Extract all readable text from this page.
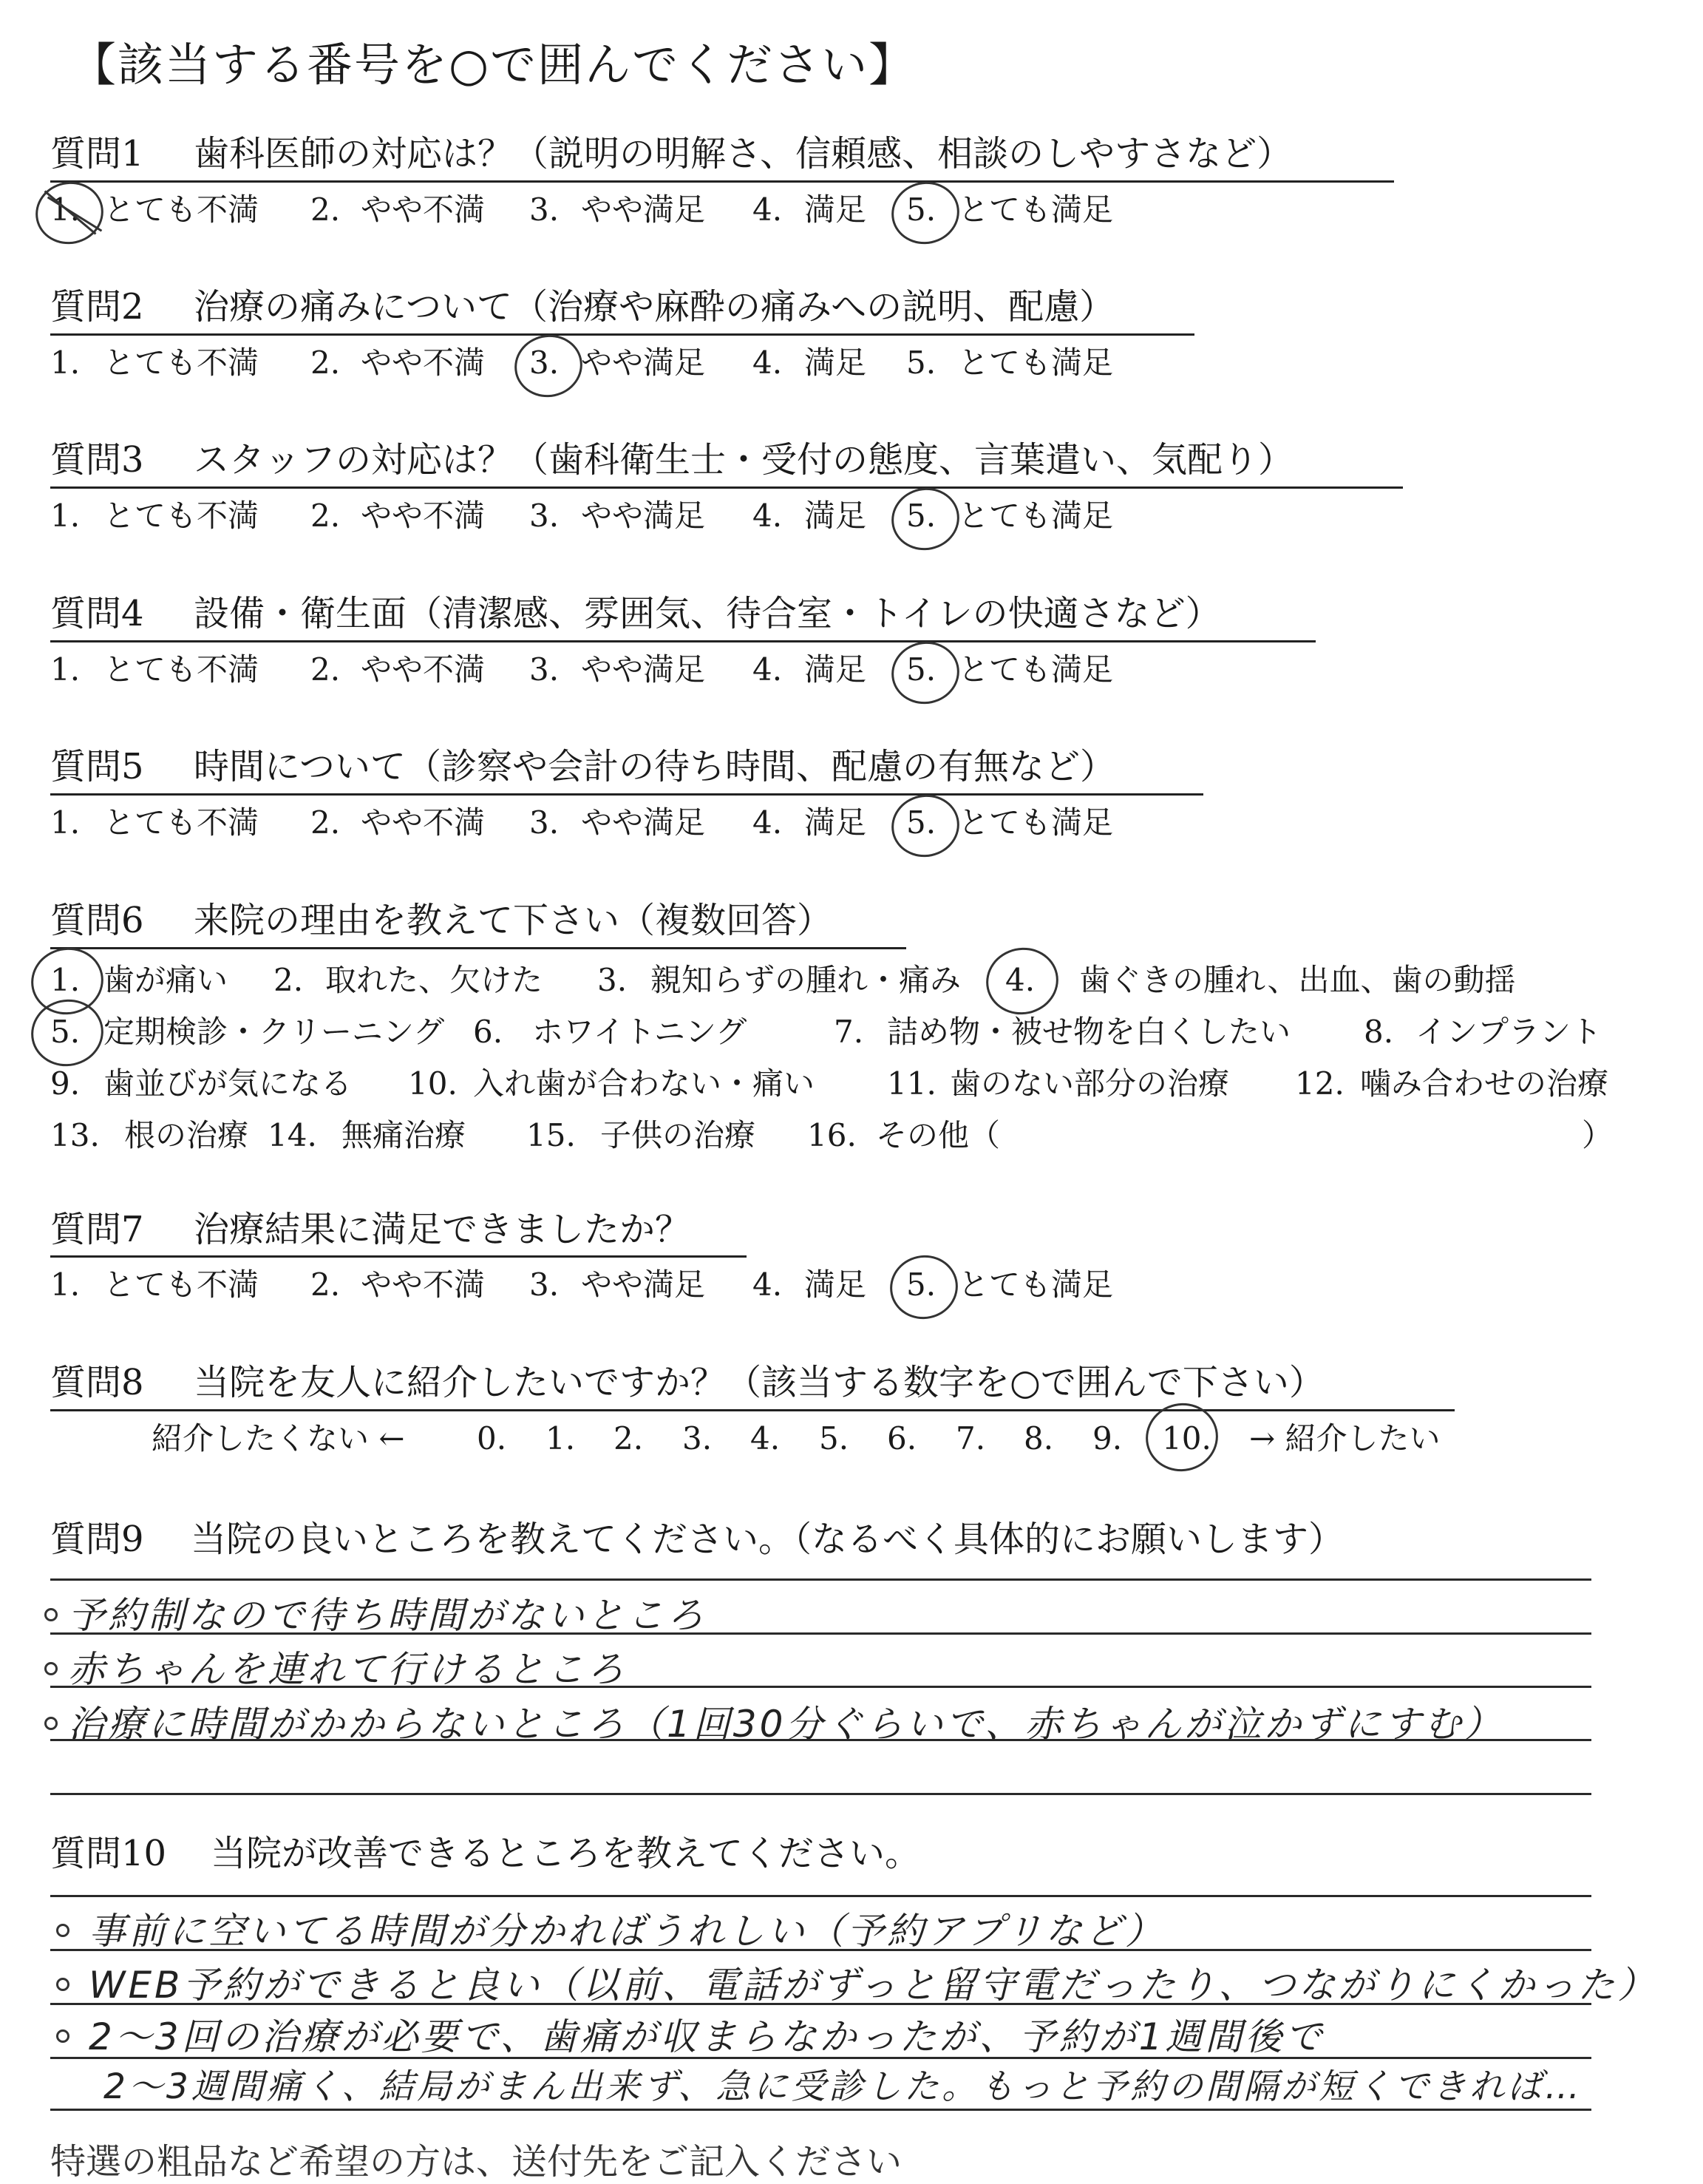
【該当する番号を○で囲んでください】
質問1 歯科医師の対応は？（説明の明解さ、信頼感、相談のしやすさなど）
1. とても不満 2. やや不満 3. やや満足 4. 満足 5. とても満足
質問2 治療の痛みについて（治療や麻酔の痛みへの説明、配慮）
1. とても不満 2. やや不満 3. やや満足 4. 満足 5. とても満足
質問3 スタッフの対応は？（歯科衛生士・受付の態度、言葉遣い、気配り）
1. とても不満 2. やや不満 3. やや満足 4. 満足 5. とても満足
質問4 設備・衛生面（清潔感、雰囲気、待合室・トイレの快適さなど）
1. とても不満 2. やや不満 3. やや満足 4. 満足 5. とても満足
質問5 時間について（診察や会計の待ち時間、配慮の有無など）
1. とても不満 2. やや不満 3. やや満足 4. 満足 5. とても満足
質問6 来院の理由を教えて下さい（複数回答）
1. 歯が痛い 2. 取れた、欠けた 3. 親知らずの腫れ・痛み 4. 歯ぐきの腫れ、出血、歯の動揺
5. 定期検診・クリーニング 6. ホワイトニング	7. 詰め物・被せ物を白くしたい 8. インプラント
9. 歯並びが気になる 10. 入れ歯が合わない・痛い 11. 歯のない部分の治療 12. 噛み合わせの治療
13. 根の治療 14. 無痛治療 15. 子供の治療 16. その他（	）
質問7 治療結果に満足できましたか？
1. とても不満 2. やや不満 3. やや満足 4. 満足 5. とても満足
質問8 当院を友人に紹介したいですか？（該当する数字を○で囲んで下さい）
紹介したくない ←	→ 紹介したい
0. 1. 2. 3. 4. 5. 6. 7. 8. 9. 10.
質問9 当院の良いところを教えてください。（なるべく具体的にお願いします）
予約制なので待ち時間がないところ
赤ちゃんを連れて行けるところ
治療に時間がかからないところ（1回30分ぐらいで、赤ちゃんが泣かずにすむ）
質問10 当院が改善できるところを教えてください。
事前に空いてる時間が分かればうれしい（予約アプリなど）
WEB予約ができると良い（以前、電話がずっと留守電だったり、つながりにくかった）
2〜3回の治療が必要で、歯痛が収まらなかったが、予約が1週間後で
2〜3週間痛く、結局がまん出来ず、急に受診した。もっと予約の間隔が短くできれば…
特選の粗品など希望の方は、送付先をご記入ください
